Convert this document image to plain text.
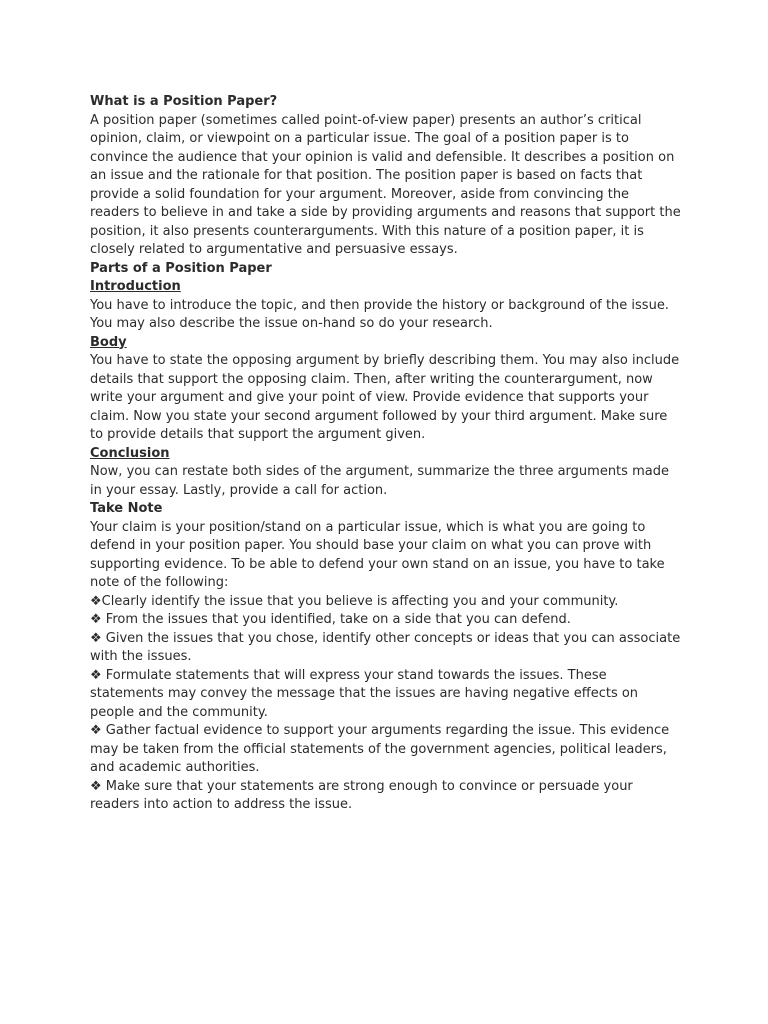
What is a Position Paper?
A position paper (sometimes called point-of-view paper) presents an author’s critical opinion, claim, or viewpoint on a particular issue. The goal of a position paper is to convince the audience that your opinion is valid and defensible. It describes a position on an issue and the rationale for that position. The position paper is based on facts that provide a solid foundation for your argument. Moreover, aside from convincing the readers to believe in and take a side by providing arguments and reasons that support the position, it also presents counterarguments. With this nature of a position paper, it is closely related to argumentative and persuasive essays.
Parts of a Position Paper
Introduction
You have to introduce the topic, and then provide the history or background of the issue. You may also describe the issue on-hand so do your research.
Body
You have to state the opposing argument by briefly describing them. You may also include details that support the opposing claim. Then, after writing the counterargument, now write your argument and give your point of view. Provide evidence that supports your claim. Now you state your second argument followed by your third argument. Make sure to provide details that support the argument given.
Conclusion
Now, you can restate both sides of the argument, summarize the three arguments made in your essay. Lastly, provide a call for action.
Take Note
Your claim is your position/stand on a particular issue, which is what you are going to defend in your position paper. You should base your claim on what you can prove with supporting evidence. To be able to defend your own stand on an issue, you have to take note of the following:
❖Clearly identify the issue that you believe is affecting you and your community.
❖ From the issues that you identified, take on a side that you can defend.
❖ Given the issues that you chose, identify other concepts or ideas that you can associate with the issues.
❖ Formulate statements that will express your stand towards the issues. These statements may convey the message that the issues are having negative effects on people and the community.
❖ Gather factual evidence to support your arguments regarding the issue. This evidence may be taken from the official statements of the government agencies, political leaders, and academic authorities.
❖ Make sure that your statements are strong enough to convince or persuade your readers into action to address the issue.
